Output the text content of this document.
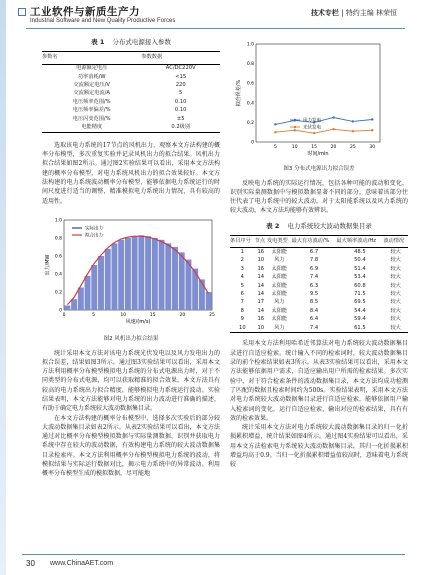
工业软件与新质生产力
Industrial Software and New Quality Productive Forces
技术专栏 | 特约主编 林荣恒
表 1 分布式电源接入参数
参数名	参数数据
电源额定电压	AC/DC220V
功率消耗/W	<15
交流额定电压/V	220
交流额定电流/A	5
电压频率范围/%	0.10
电压频率偏差/%	0.10
电压闪变范围/%	±5
电能精度	0.2级别

选取该电力系统的17节点的风机出力，观察本文方法构建的概率分布模型，多次重复实验并记录风机出力的拟合结果。风机出力拟合结果如图2所示。通过图2实验结果可以看出，采用本文方法构建的概率分布模型，对电力系统风机出力的拟合效果较好。本文方法构建的电力系统波动概率分布模型，能够依据电力系统运行的时间尺度进行适当的调整，精准模拟电力系统出力情况，具有较高的适用性。

0
0.2
0.4
0.6
0.8
1.0
0	5	10	15	20	25
风速/(m/s)
出力/MW
实际出力
拟合出力
图2 风机出力拟合结果

统计采用本文方法对该电力系统光伏发电以及风力发电出力的拟合误差，结果如图3所示。通过图3实验结果可以看出，采用本文方法利用概率分布模型模拟电力系统的分布式电源出力时，对于不同类型的分布式电源，均可以获取精准的拟合效果。本文方法具有较高的电力系统出力拟合精度，能够模拟电力系统运行波动。实验结果表明，本文方法能够对电力系统的出力波动进行准确的描述，有助于确定电力系统较大波动数据集目录。

在本文方法构建的概率分布模型中，选择多次实验后的部分较大波动数据集目录如表2所示。从表2实验结果可以看出，本文方法通过对比概率分布模型模拟数据与实际量测数据，识别并获取电力系统中存在较大的波动数据，有效构建电力系统的较大波动数据集目录检索库。本文方法利用概率分布模型模拟电力系统的波动，将模拟结果与实际运行数据对比，揭示电力系统中的异常波动。利用概率分布模型生成的模拟数据，尽可能地

0
0.2
0.4
0.6
0.8
1.0
5	10	15	20	25	30
时间/min
拟合误差/%
风力发电
光伏发电
图3 分布式电源出力拟合误差

反映电力系统的实际运行情况，包括各种可能的波动和变化，识别实际量测数据中与模拟数据显著不同的部分，意味着该部分往往代表了电力系统中的较大波动。对于太阳能系统以及风力系统的较大波动，本文方法均能够有效辨识。

表 2 电力系统较大波动数据集目录
条目序号	节点	发电类型	最大有功波动/%	最大频率波动/Hz	波动情况
1	16	太阳能	6.7	48.5	较大
2	10	风力	7.8	50.4	较大
3	16	太阳能	6.9	51.4	较大
4	14	太阳能	7.4	53.4	较大
5	14	太阳能	6.3	60.8	较大
6	14	太阳能	9.5	71.5	较大
7	17	风力	8.5	69.5	较大
8	14	太阳能	8.4	54.4	较大
9	16	太阳能	6.4	59.4	较大
10	10	风力	7.4	61.5	较大

采用本文方法利用哈希近邻算法对电力系统较大波动数据集目录进行自适应检索。统计输入不同的检索词时，较大波动数据集目录的前个检索结果如表3所示。从表3实验结果可以看出，采用本文方法能够依据用户需求，自适应输出用户所需的检索结果。多次实验中，对于符合检索条件的波动数据集目录，本文方法均成功检测了匹配的数据且检索时间约为500s。实验结果表明，采用本文方法对电力系统较大波动数据集目录进行自适应检索，能够依据用户输入检索词的变化，运行自适应检索，输出对应的检索结果，具有有效的检索效果。

统计采用本文方法对电力系统较大波动数据集目录的归一化折损累积增益，统计结果如图4所示。通过图4实验结果可以看出，采用本文方法检索电力系统较大波动数据集目录，其归一化折损累积增益均高于0.9。当归一化折损累积增益值较高时，意味着电力系统较

30 www.ChinaAET.com
